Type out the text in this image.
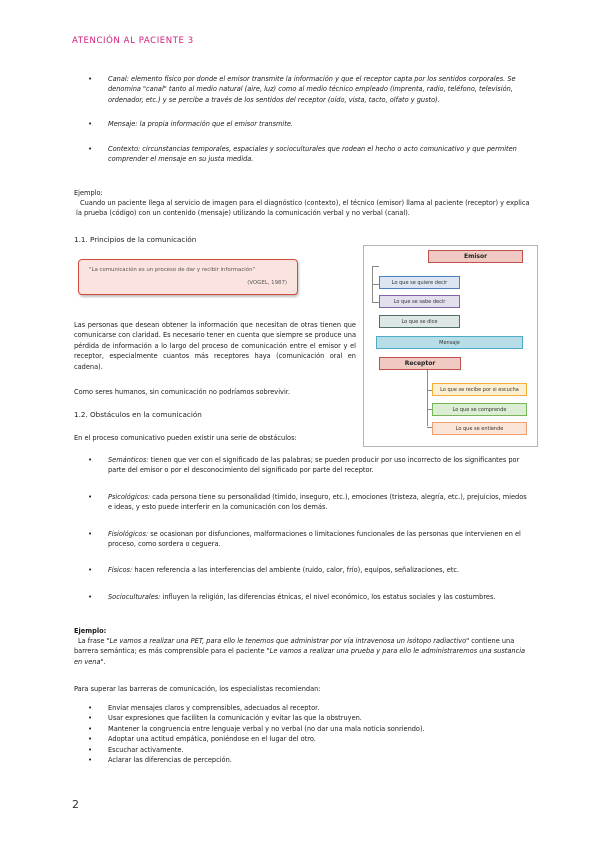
ATENCIÓN AL PACIENTE 3
• Canal: elemento físico por donde el emisor transmite la información y que el receptor capta por los sentidos corporales. Se denomina "canal" tanto al medio natural (aire, luz) como al medio técnico empleado (imprenta, radio, teléfono, televisión, ordenador, etc.) y se percibe a través de los sentidos del receptor (oído, vista, tacto, olfato y gusto).
• Mensaje: la propia información que el emisor transmite.
• Contexto: circunstancias temporales, espaciales y socioculturales que rodean el hecho o acto comunicativo y que permiten comprender el mensaje en su justa medida.
Ejemplo:
Cuando un paciente llega al servicio de imagen para el diagnóstico (contexto), el técnico (emisor) llama al paciente (receptor) y explica la prueba (código) con un contenido (mensaje) utilizando la comunicación verbal y no verbal (canal).
1.1. Principios de la comunicación
"La comunicación es un proceso de dar y recibir información"
(VOGEL, 1987)
Las personas que desean obtener la información que necesitan de otras tienen que comunicarse con claridad. Es necesario tener en cuenta que siempre se produce una pérdida de información a lo largo del proceso de comunicación entre el emisor y el receptor, especialmente cuantos más receptores haya (comunicación oral en cadena).
Como seres humanos, sin comunicación no podríamos sobrevivir.
Emisor
Lo que se quiere decir
Lo que se sabe decir
Lo que se dice
Mensaje
Receptor
Lo que se recibe por si escucha
Lo que se comprende
Lo que se entiende
1.2. Obstáculos en la comunicación
En el proceso comunicativo pueden existir una serie de obstáculos:
• Semánticos: tienen que ver con el significado de las palabras; se pueden producir por uso incorrecto de los significantes por parte del emisor o por el desconocimiento del significado por parte del receptor.
• Psicológicos: cada persona tiene su personalidad (tímido, inseguro, etc.), emociones (tristeza, alegría, etc.), prejuicios, miedos e ideas, y esto puede interferir en la comunicación con los demás.
• Fisiológicos: se ocasionan por disfunciones, malformaciones o limitaciones funcionales de las personas que intervienen en el proceso, como sordera o ceguera.
• Físicos: hacen referencia a las interferencias del ambiente (ruido, calor, frío), equipos, señalizaciones, etc.
• Socioculturales: influyen la religión, las diferencias étnicas, el nivel económico, los estatus sociales y las costumbres.
Ejemplo:
La frase "Le vamos a realizar una PET, para ello le tenemos que administrar por vía intravenosa un isótopo radiactivo" contiene una barrera semántica; es más comprensible para el paciente "Le vamos a realizar una prueba y para ello le administraremos una sustancia en vena".
Para superar las barreras de comunicación, los especialistas recomiendan:
• Enviar mensajes claros y comprensibles, adecuados al receptor.
• Usar expresiones que faciliten la comunicación y evitar las que la obstruyen.
• Mantener la congruencia entre lenguaje verbal y no verbal (no dar una mala noticia sonriendo).
• Adoptar una actitud empática, poniéndose en el lugar del otro.
• Escuchar activamente.
• Aclarar las diferencias de percepción.
2
